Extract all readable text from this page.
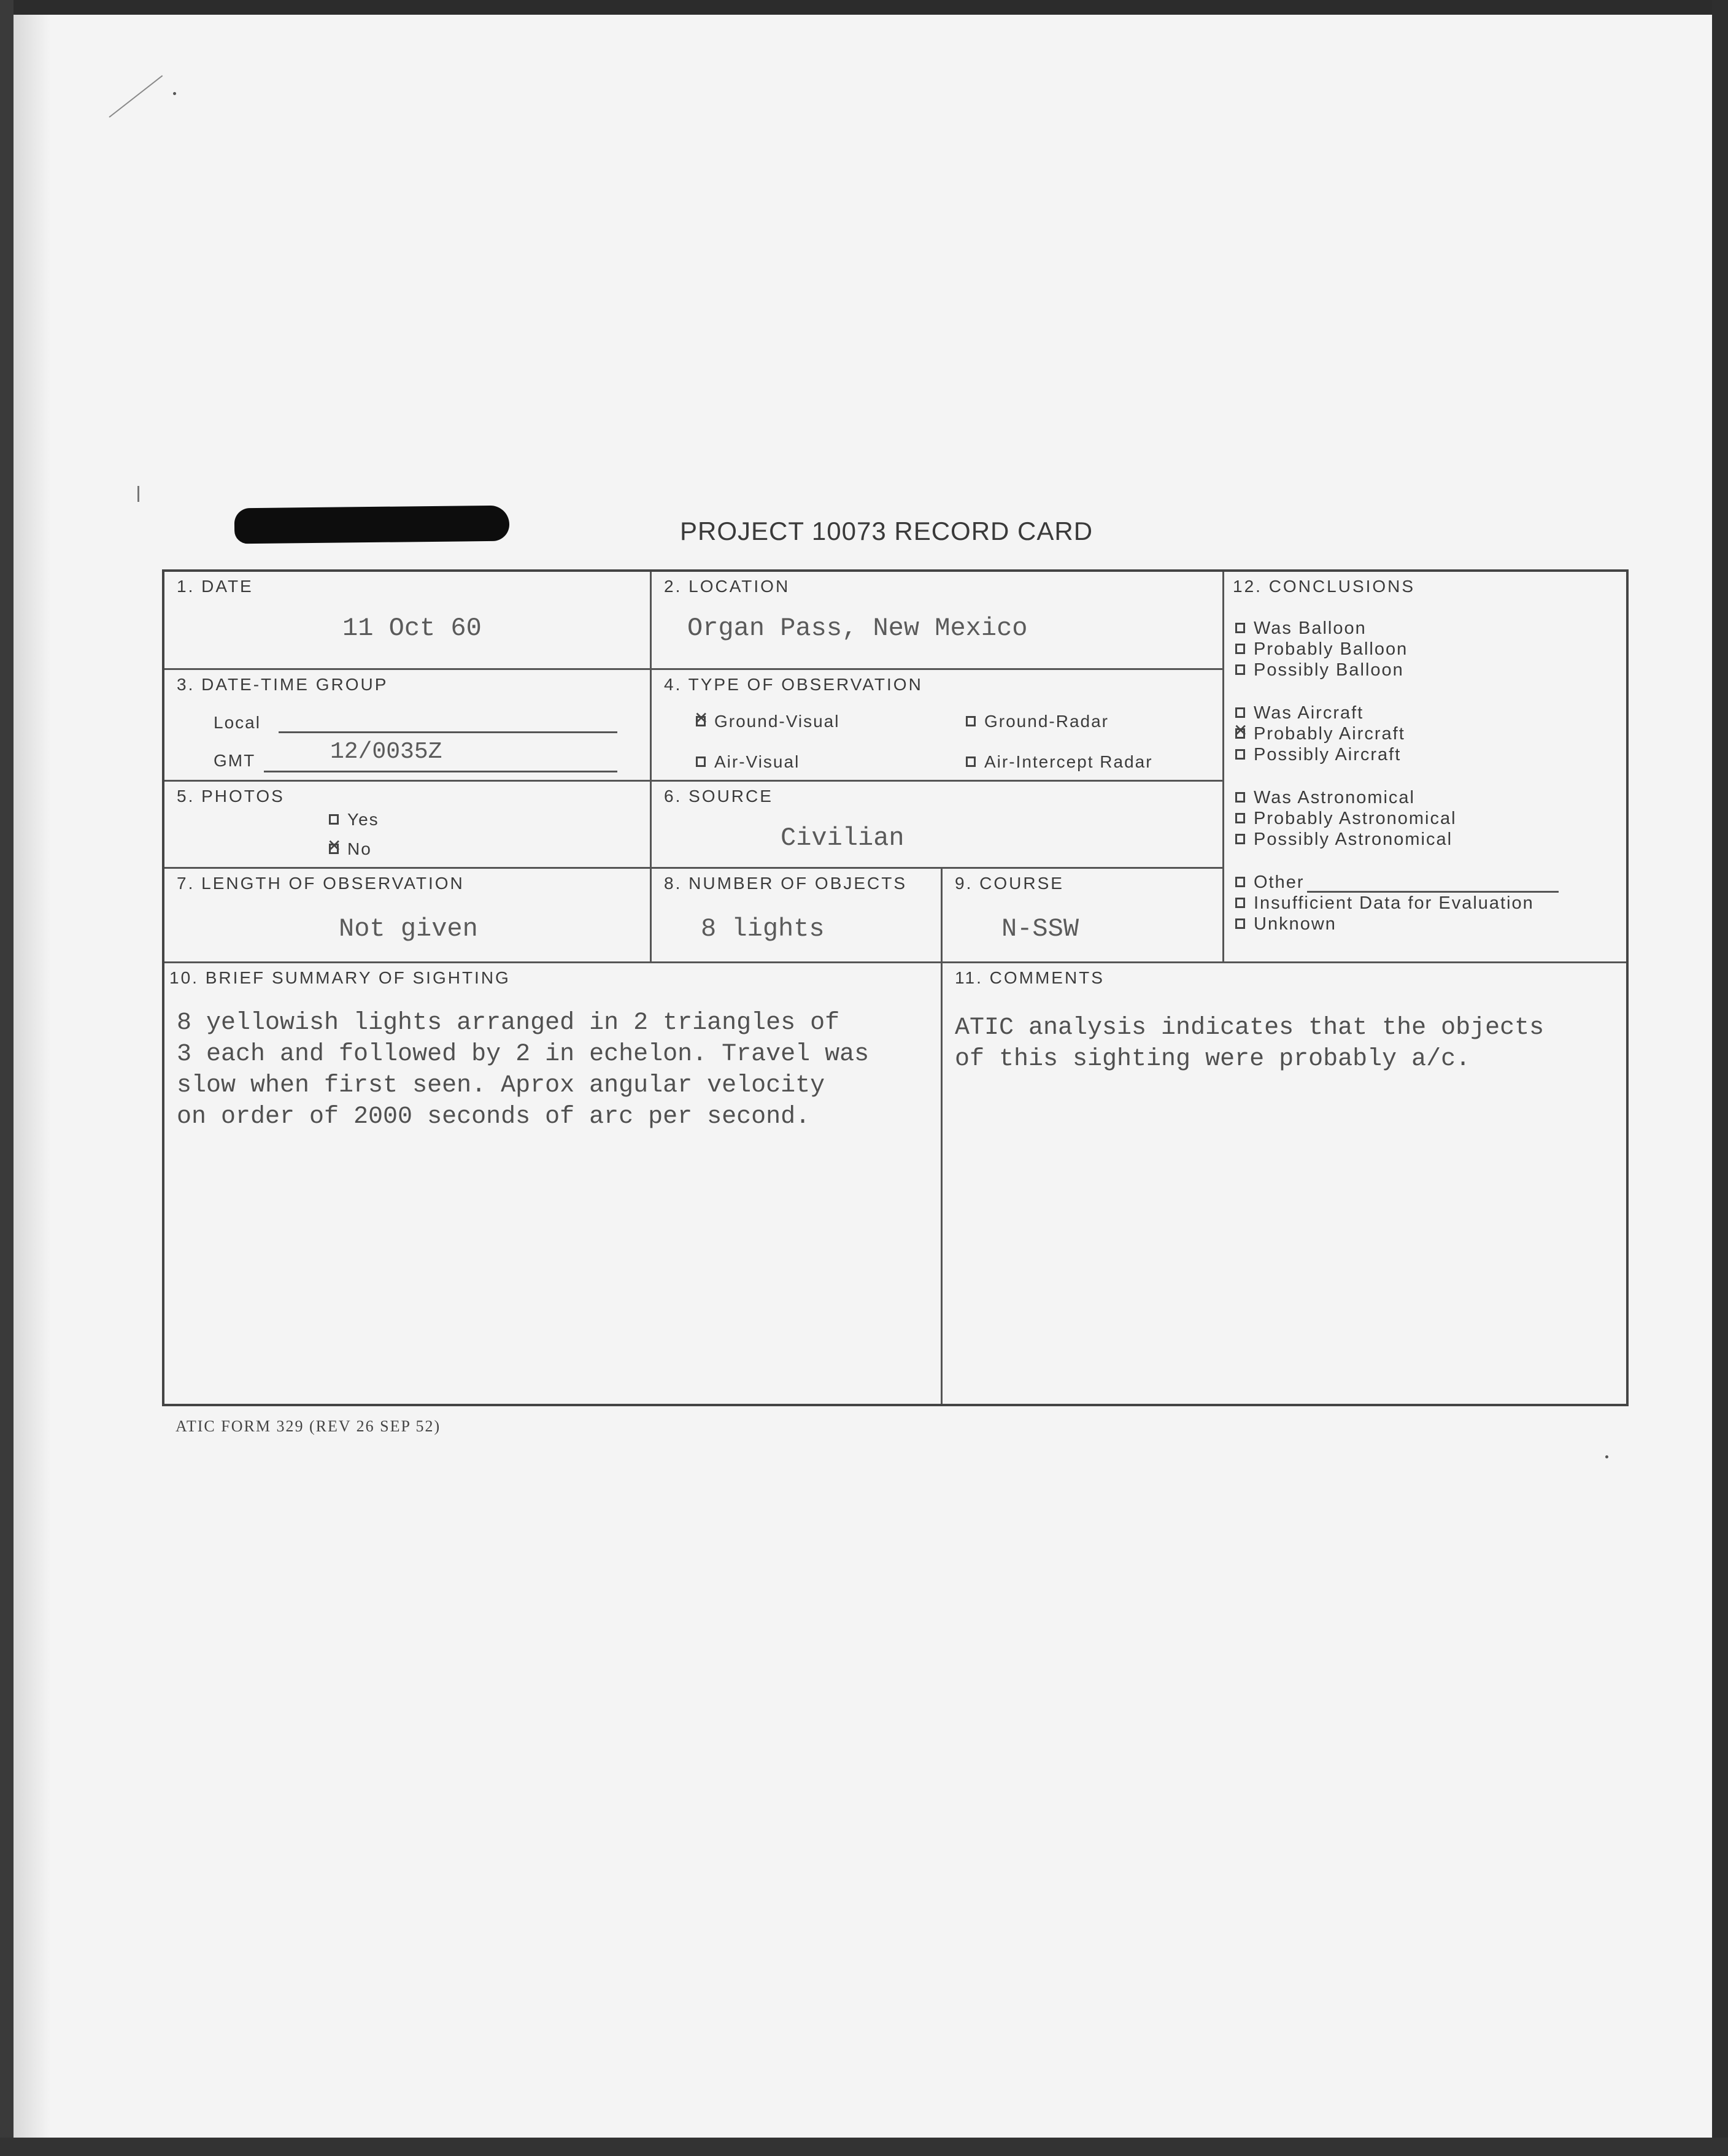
PROJECT 10073 RECORD CARD
1. DATE
11 Oct 60
2. LOCATION
Organ Pass, New Mexico
3. DATE-TIME GROUP
Local
GMT	12/0035Z
4. TYPE OF OBSERVATION
✕Ground-Visual	Ground-Radar
Air-Visual	Air-Intercept Radar
5. PHOTOS
Yes
✕No
6. SOURCE
Civilian
7. LENGTH OF OBSERVATION
Not given
8. NUMBER OF OBJECTS
8 lights
9. COURSE
N-SSW
12. CONCLUSIONS
Was Balloon
Probably Balloon
Possibly Balloon
Was Aircraft
✕Probably Aircraft
Possibly Aircraft
Was Astronomical
Probably Astronomical
Possibly Astronomical
Other
Insufficient Data for Evaluation
Unknown
10. BRIEF SUMMARY OF SIGHTING
8 yellowish lights arranged in 2 triangles of
3 each and followed by 2 in echelon. Travel was
slow when first seen. Aprox angular velocity
on order of 2000 seconds of arc per second.
11. COMMENTS
ATIC analysis indicates that the objects
of this sighting were probably a/c.
ATIC FORM 329 (REV 26 SEP 52)
